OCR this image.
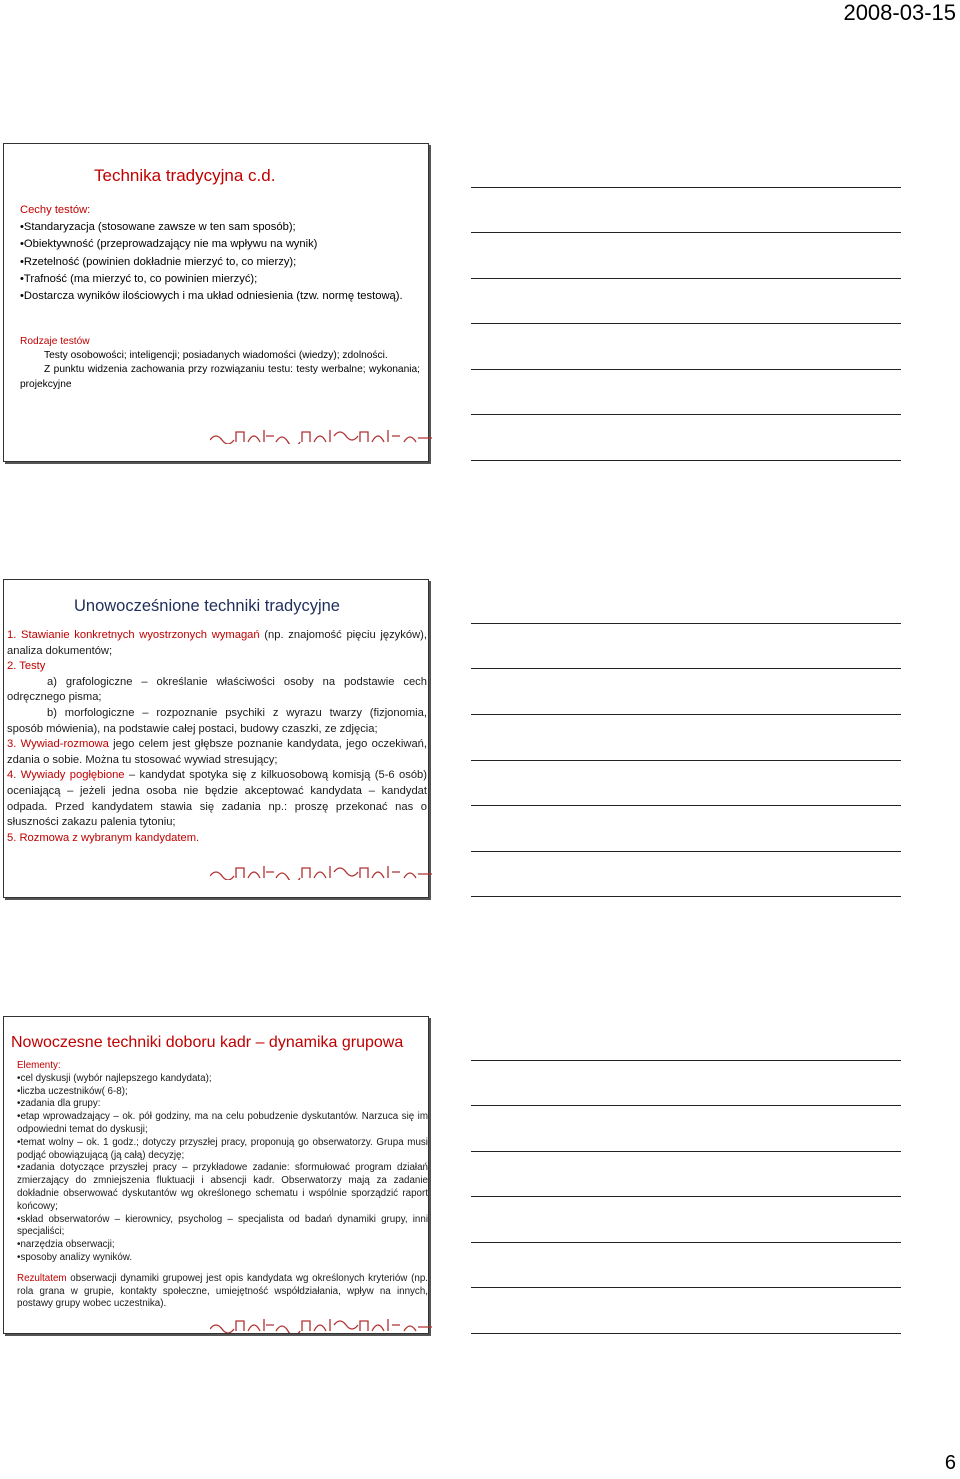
2008-03-15
Technika tradycyjna c.d.

Cechy testów:

• Standaryzacja (stosowane zawsze w ten sam sposób);

• Obiektywność (przeprowadzający nie ma wpływu na wynik)

• Rzetelność (powinien dokładnie mierzyć to, co mierzy);

• Trafność (ma mierzyć to, co powinien mierzyć);

• Dostarcza wyników ilościowych i ma układ odniesienia (tzw. normę testową).

Rodzaje testów

Testy osobowości; inteligencji; posiadanych wiadomości (wiedzy); zdolności.

Z punktu widzenia zachowania przy rozwiązaniu testu: testy werbalne; wykonania; projekcyjne

Unowocześnione techniki tradycyjne

1. Stawianie konkretnych wyostrzonych wymagań (np. znajomość pięciu języków), analiza dokumentów;

2. Testy

a) grafologiczne – określanie właściwości osoby na podstawie cech odręcznego pisma;

b) morfologiczne – rozpoznanie psychiki z wyrazu twarzy (fizjonomia, sposób mówienia), na podstawie całej postaci, budowy czaszki, ze zdjęcia;

3. Wywiad-rozmowa jego celem jest głębsze poznanie kandydata, jego oczekiwań, zdania o sobie. Można tu stosować wywiad stresujący;

4. Wywiady pogłębione – kandydat spotyka się z kilkuosobową komisją (5-6 osób) oceniającą – jeżeli jedna osoba nie będzie akceptować kandydata – kandydat odpada. Przed kandydatem stawia się zadania np.: proszę przekonać nas o słuszności zakazu palenia tytoniu;

5. Rozmowa z wybranym kandydatem.

Nowoczesne techniki doboru kadr – dynamika grupowa

Elementy:

• cel dyskusji (wybór najlepszego kandydata);

• liczba uczestników( 6-8);

• zadania dla grupy:

• etap wprowadzający – ok. pół godziny, ma na celu pobudzenie dyskutantów. Narzuca się im odpowiedni temat do dyskusji;

• temat wolny – ok. 1 godz.; dotyczy przyszłej pracy, proponują go obserwatorzy. Grupa musi podjąć obowiązującą (ją całą) decyzję;

• zadania dotyczące przyszłej pracy – przykładowe zadanie: sformułować program działań zmierzający do zmniejszenia fluktuacji i absencji kadr. Obserwatorzy mają za zadanie dokładnie obserwować dyskutantów wg określonego schematu i wspólnie sporządzić raport końcowy;

• skład obserwatorów – kierownicy, psycholog – specjalista od badań dynamiki grupy, inni specjaliści;

• narzędzia obserwacji;

• sposoby analizy wyników.

Rezultatem obserwacji dynamiki grupowej jest opis kandydata wg określonych kryteriów (np. rola grana w grupie, kontakty społeczne, umiejętność współdziałania, wpływ na innych, postawy grupy wobec uczestnika).

6
